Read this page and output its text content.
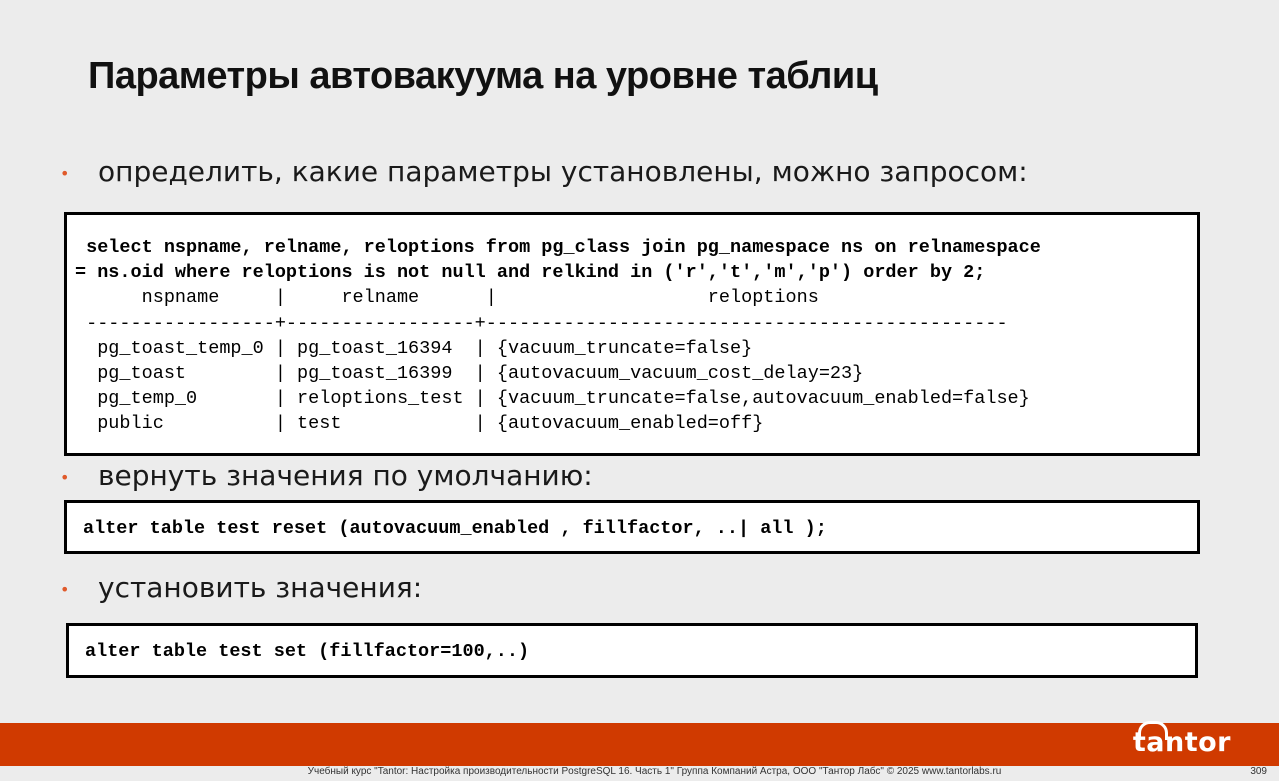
Параметры автовакуума на уровне таблиц
• определить, какие параметры установлены, можно запросом:
select nspname, relname, reloptions from pg_class join pg_namespace ns on relnamespace
= ns.oid where reloptions is not null and relkind in ('r','t','m','p') order by 2;
nspname     |     relname      |                   reloptions
-----------------+-----------------+-----------------------------------------------
pg_toast_temp_0 | pg_toast_16394  | {vacuum_truncate=false}
pg_toast        | pg_toast_16399  | {autovacuum_vacuum_cost_delay=23}
pg_temp_0       | reloptions_test | {vacuum_truncate=false,autovacuum_enabled=false}
public          | test            | {autovacuum_enabled=off}
• вернуть значения по умолчанию:
alter table test reset (autovacuum_enabled , fillfactor, ..| all );
• установить значения:
alter table test set (fillfactor=100,..)
tantor
Учебный курс "Tantor: Настройка производительности PostgreSQL 16. Часть 1" Группа Компаний Астра, ООО "Тантор Лабс" © 2025 www.tantorlabs.ru	309
